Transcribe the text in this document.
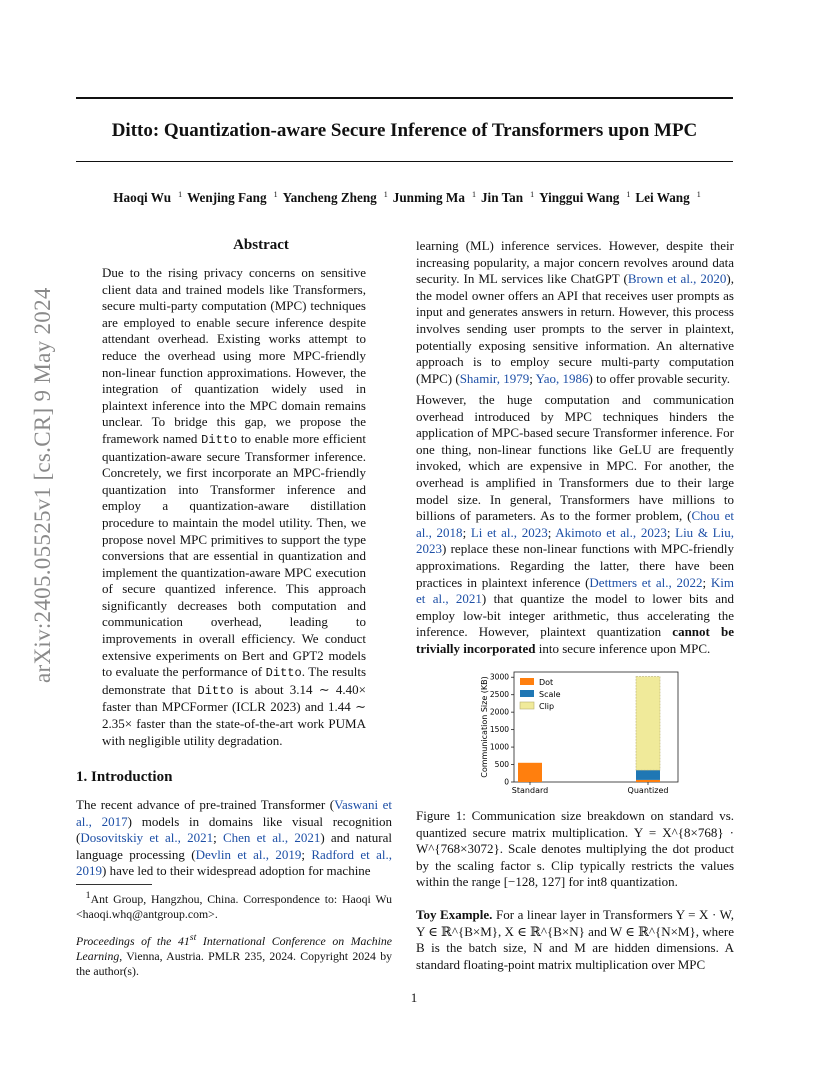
Ditto: Quantization-aware Secure Inference of Transformers upon MPC
Haoqi Wu $^1$ Wenjing Fang $^1$ Yancheng Zheng $^1$ Junming Ma $^1$ Jin Tan $^1$ Yinggui Wang $^1$ Lei Wang $^1$
arXiv:2405.05525v1 [cs.CR] 9 May 2024
Abstract

Due to the rising privacy concerns on sensitive client data and trained models like Transformers, secure multi-party computation (MPC) techniques are employed to enable secure inference despite attendant overhead. Existing works attempt to reduce the overhead using more MPC-friendly non-linear function approximations. However, the integration of quantization widely used in plaintext inference into the MPC domain remains unclear. To bridge this gap, we propose the framework named Ditto to enable more efficient quantization-aware secure Transformer inference. Concretely, we first incorporate an MPC-friendly quantization into Transformer inference and employ a quantization-aware distillation procedure to maintain the model utility. Then, we propose novel MPC primitives to support the type conversions that are essential in quantization and implement the quantization-aware MPC execution of secure quantized inference. This approach significantly decreases both computation and communication overhead, leading to improvements in overall efficiency. We conduct extensive experiments on Bert and GPT2 models to evaluate the performance of Ditto. The results demonstrate that Ditto is about 3.14 ∼ 4.40× faster than MPCFormer (ICLR 2023) and 1.44 ∼ 2.35× faster than the state-of-the-art work PUMA with negligible utility degradation.

1. Introduction

The recent advance of pre-trained Transformer (Vaswani et al., 2017) models in domains like visual recognition (Dosovitskiy et al., 2021; Chen et al., 2021) and natural language processing (Devlin et al., 2019; Radford et al., 2019) have led to their widespread adoption for machine

$^1$Ant Group, Hangzhou, China. Correspondence to: Haoqi Wu <haoqi.whq@antgroup.com>.

Proceedings of the 41st International Conference on Machine Learning, Vienna, Austria. PMLR 235, 2024. Copyright 2024 by the author(s).

learning (ML) inference services. However, despite their increasing popularity, a major concern revolves around data security. In ML services like ChatGPT (Brown et al., 2020), the model owner offers an API that receives user prompts as input and generates answers in return. However, this process involves sending user prompts to the server in plaintext, potentially exposing sensitive information. An alternative approach is to employ secure multi-party computation (MPC) (Shamir, 1979; Yao, 1986) to offer provable security.

However, the huge computation and communication overhead introduced by MPC techniques hinders the application of MPC-based secure Transformer inference. For one thing, non-linear functions like GeLU are frequently invoked, which are expensive in MPC. For another, the overhead is amplified in Transformers due to their large model size. In general, Transformers have millions to billions of parameters. As to the former problem, (Chou et al., 2018; Li et al., 2023; Akimoto et al., 2023; Liu & Liu, 2023) replace these non-linear functions with MPC-friendly approximations. Regarding the latter, there have been practices in plaintext inference (Dettmers et al., 2022; Kim et al., 2021) that quantize the model to lower bits and employ low-bit integer arithmetic, thus accelerating the inference. However, plaintext quantization cannot be trivially incorporated into secure inference upon MPC.

0
500
1000
1500
2000
2500
3000
Communication Size (KB)
Standard	Quantized
Dot
Scale
Clip

Figure 1: Communication size breakdown on standard vs. quantized secure matrix multiplication. Y = X^{8×768} · W^{768×3072}. Scale denotes multiplying the dot product by the scaling factor s. Clip typically restricts the values within the range [−128, 127] for int8 quantization.

Toy Example. For a linear layer in Transformers Y = X · W, Y ∈ ℝ^{B×M}, X ∈ ℝ^{B×N} and W ∈ ℝ^{N×M}, where B is the batch size, N and M are hidden dimensions. A standard floating-point matrix multiplication over MPC

1
